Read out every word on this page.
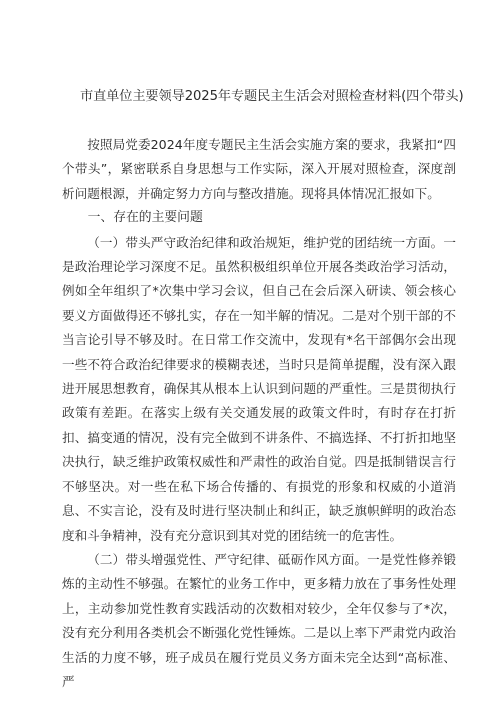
市直单位主要领导2025年专题民主生活会对照检查材料(四个带头)

按照局党委2024年度专题民主生活会实施方案的要求，我紧扣“四个带头”，紧密联系自身思想与工作实际，深入开展对照检查，深度剖析问题根源，并确定努力方向与整改措施。现将具体情况汇报如下。

一、存在的主要问题

（一）带头严守政治纪律和政治规矩，维护党的团结统一方面。一是政治理论学习深度不足。虽然积极组织单位开展各类政治学习活动，例如全年组织了*次集中学习会议，但自己在会后深入研读、领会核心要义方面做得还不够扎实，存在一知半解的情况。二是对个别干部的不当言论引导不够及时。在日常工作交流中，发现有*名干部偶尔会出现一些不符合政治纪律要求的模糊表述，当时只是简单提醒，没有深入跟进开展思想教育，确保其从根本上认识到问题的严重性。三是贯彻执行政策有差距。在落实上级有关交通发展的政策文件时，有时存在打折扣、搞变通的情况，没有完全做到不讲条件、不搞选择、不打折扣地坚决执行，缺乏维护政策权威性和严肃性的政治自觉。四是抵制错误言行不够坚决。对一些在私下场合传播的、有损党的形象和权威的小道消息、不实言论，没有及时进行坚决制止和纠正，缺乏旗帜鲜明的政治态度和斗争精神，没有充分意识到其对党的团结统一的危害性。

（二）带头增强党性、严守纪律、砥砺作风方面。一是党性修养锻炼的主动性不够强。在繁忙的业务工作中，更多精力放在了事务性处理上，主动参加党性教育实践活动的次数相对较少，全年仅参与了*次，没有充分利用各类机会不断强化党性锤炼。二是以上率下严肃党内政治生活的力度不够，班子成员在履行党员义务方面未完全达到“高标准、严
